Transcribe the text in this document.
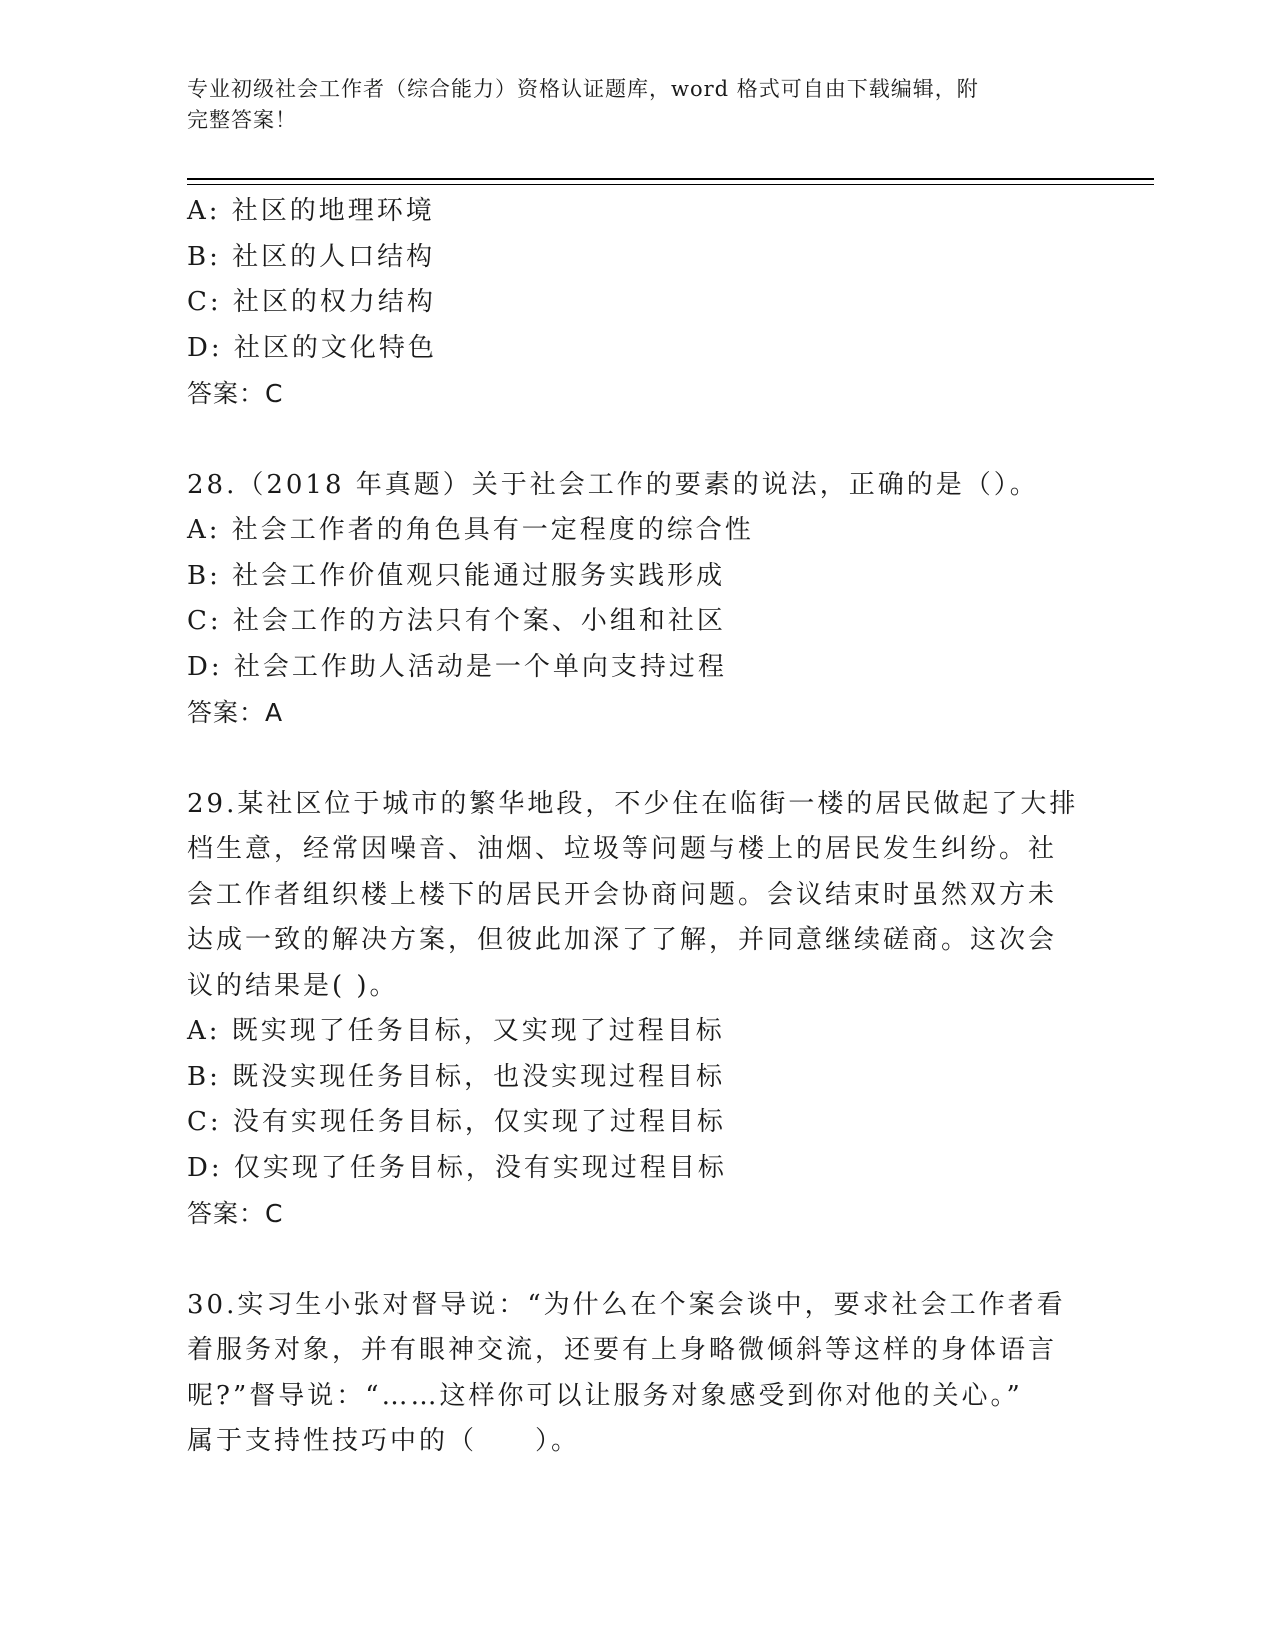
专业初级社会工作者（综合能力）资格认证题库，word 格式可自由下载编辑，附
完整答案！
A: 社区的地理环境
B: 社区的人口结构
C: 社区的权力结构
D: 社区的文化特色
答案：C
28.（2018 年真题）关于社会工作的要素的说法，正确的是（）。
A: 社会工作者的角色具有一定程度的综合性
B: 社会工作价值观只能通过服务实践形成
C: 社会工作的方法只有个案、小组和社区
D: 社会工作助人活动是一个单向支持过程
答案：A
29.某社区位于城市的繁华地段，不少住在临街一楼的居民做起了大排
档生意，经常因噪音、油烟、垃圾等问题与楼上的居民发生纠纷。社
会工作者组织楼上楼下的居民开会协商问题。会议结束时虽然双方未
达成一致的解决方案，但彼此加深了了解，并同意继续磋商。这次会
议的结果是( )。
A: 既实现了任务目标，又实现了过程目标
B: 既没实现任务目标，也没实现过程目标
C: 没有实现任务目标，仅实现了过程目标
D: 仅实现了任务目标，没有实现过程目标
答案：C
30.实习生小张对督导说：“为什么在个案会谈中，要求社会工作者看
着服务对象，并有眼神交流，还要有上身略微倾斜等这样的身体语言
呢?”督导说：“……这样你可以让服务对象感受到你对他的关心。”
属于支持性技巧中的（　　）。
